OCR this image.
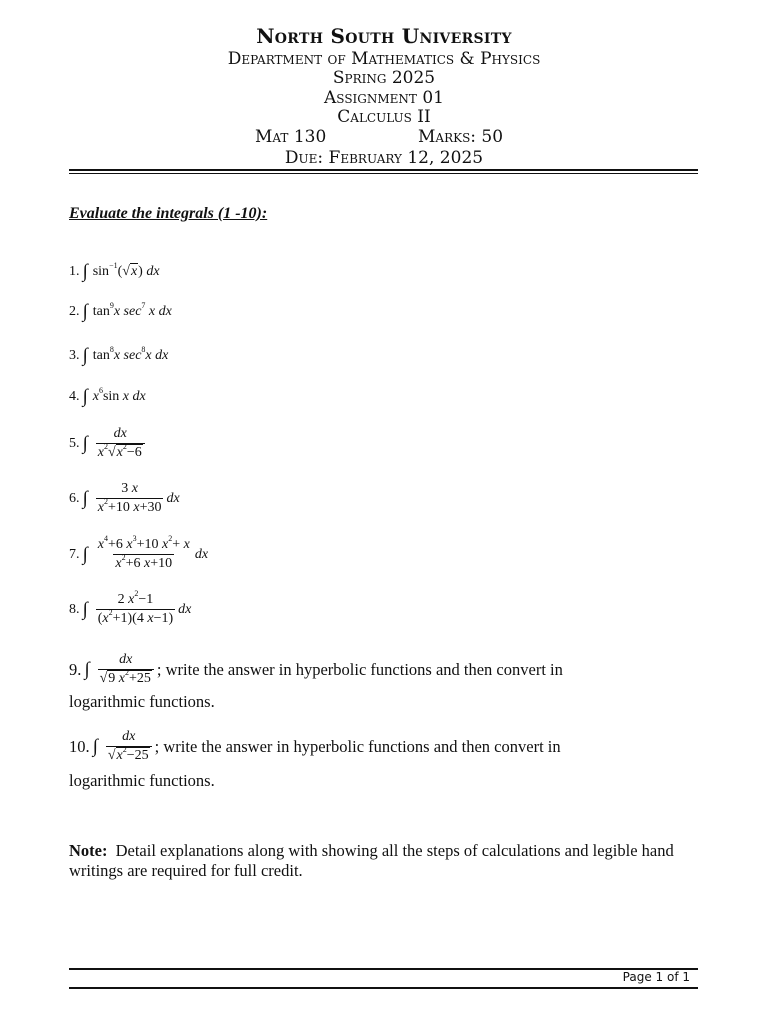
North South University
Department of Mathematics & Physics
Spring 2025
Assignment 01
Calculus II
Mat 130	Marks: 50
Due: February 12, 2025
Evaluate the integrals (1 -10):
1. ∫ $\sin^{-1}(√x)$ dx
2. ∫ $\tan^9x$ $\sec^7 x$ dx
3. ∫ $\tan^8x$ $\sec^8x$ dx
4. ∫ $x^6\sin$ x dx
5. ∫ $\frac{dx}{x^2√x^2-6}$
6. ∫ $\frac{3 x}{x^2+10 x+30}$ dx
7. ∫ $\frac{x^4+6 x^3+10 x^2+ x}{x^2+6 x+10}$ dx
8. ∫ $\frac{2 x^2-1}{(x^2+1)(4 x-1)}$ dx
9. ∫ $\frac{dx}{√9 x^2+25}$ ; write the answer in hyperbolic functions and then convert in
logarithmic functions.
10. ∫ $\frac{dx}{√x^2-25}$ ; write the answer in hyperbolic functions and then convert in
logarithmic functions.
Note: Detail explanations along with showing all the steps of calculations and legible hand writings are required for full credit.
Page 1 of 1
